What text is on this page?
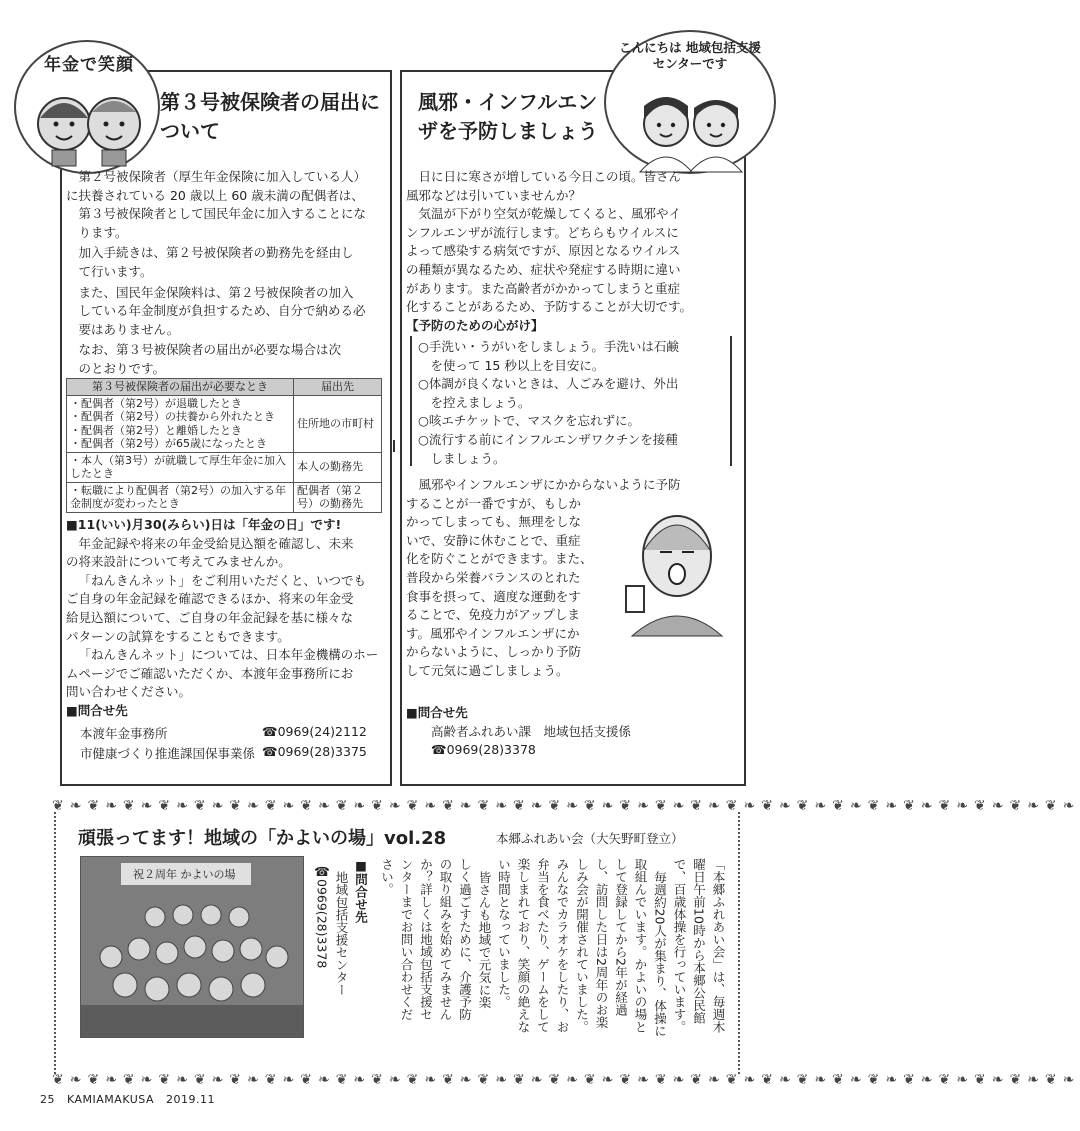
年金で笑顔
第３号被保険者の届出に
ついて

第２号被保険者（厚生年金保険に加入している人）
に扶養されている 20 歳以上 60 歳未満の配偶者は、
第３号被保険者として国民年金に加入することにな
ります。

加入手続きは、第２号被保険者の勤務先を経由し
て行います。

また、国民年金保険料は、第２号被保険者の加入
している年金制度が負担するため、自分で納める必
要はありません。

なお、第３号被保険者の届出が必要な場合は次
のとおりです。

第３号被保険者の届出が必要なとき	届出先

・配偶者（第2号）が退職したとき
・配偶者（第2号）の扶養から外れたとき
・配偶者（第2号）と離婚したとき
・配偶者（第2号）が65歳になったとき	住所地の市町村
・本人（第3号）が就職して厚生年金に加入したとき	本人の勤務先
・転職により配偶者（第2号）の加入する年金制度が変わったとき	配偶者（第２号）の勤務先

■11(いい)月30(みらい)日は「年金の日」です!

年金記録や将来の年金受給見込額を確認し、未来
の将来設計について考えてみませんか。

「ねんきんネット」をご利用いただくと、いつでも
ご自身の年金記録を確認できるほか、将来の年金受
給見込額について、ご自身の年金記録を基に様々な
パターンの試算をすることもできます。

「ねんきんネット」については、日本年金機構のホー
ムページでご確認いただくか、本渡年金事務所にお
問い合わせください。

■問合せ先

本渡年金事務所	☎0969(24)2112
市健康づくり推進課国保事業係 ☎0969(28)3375
こんにちは 地域包括支援センターです
風邪・インフルエン
ザを予防しましょう

日に日に寒さが増している今日この頃。皆さん
風邪などは引いていませんか？

気温が下がり空気が乾燥してくると、風邪やイ
ンフルエンザが流行します。どちらもウイルスに
よって感染する病気ですが、原因となるウイルス
の種類が異なるため、症状や発症する時期に違い
があります。また高齢者がかかってしまうと重症
化することがあるため、予防することが大切です。

【予防のための心がけ】

○手洗い・うがいをしましょう。手洗いは石鹸
　を使って 15 秒以上を目安に。
○体調が良くないときは、人ごみを避け、外出
　を控えましょう。
○咳エチケットで、マスクを忘れずに。
○流行する前にインフルエンザワクチンを接種
　しましょう。
風邪やインフルエンザにかからないように予防
することが一番ですが、もしか
かってしまっても、無理をしな
いで、安静に休むことで、重症
化を防ぐことができます。また、
普段から栄養バランスのとれた
食事を摂って、適度な運動をす
ることで、免疫力がアップしま
す。風邪やインフルエンザにか
からないように、しっかり予防
して元気に過ごしましょう。

■問合せ先

高齢者ふれあい課　地域包括支援係
☎0969(28)3378
❦❧❦❧❦❧❦❧❦❧❦❧❦❧❦❧❦❧❦❧❦❧❦❧❦❧❦❧❦❧❦❧❦❧❦❧❦❧❦❧❦❧❦❧❦❧❦❧❦❧❦❧❦❧❦❧❦❧
❦❧❦❧❦❧❦❧❦❧❦❧❦❧❦❧❦❧❦❧❦❧❦❧❦❧❦❧❦❧❦❧❦❧❦❧❦❧❦❧❦❧❦❧❦❧❦❧❦❧❦❧❦❧❦❧❦❧
頑張ってます！地域の「かよいの場」vol.28	本郷ふれあい会（大矢野町登立）
祝２周年 かよいの場	■問合せ先
地域包括支援センター
☎0969(28)3378	「本郷ふれあい会」は、毎週木
曜日午前10時から本郷公民館
で、百歳体操を行っています。
毎週約20人が集まり、体操に
取組んでいます。かよいの場と
して登録してから2年が経過
し、訪問した日は2周年のお楽
しみ会が開催されていました。
みんなでカラオケをしたり、お
弁当を食べたり、ゲームをして
楽しまれており、笑顔の絶えな
い時間となっていました。
皆さんも地域で元気に楽
しく過ごすために、介護予防
の取り組みを始めてみません
か？詳しくは地域包括支援セ
ンターまでお問い合わせくだ
さい。
25 KAMIAMAKUSA 2019.11
